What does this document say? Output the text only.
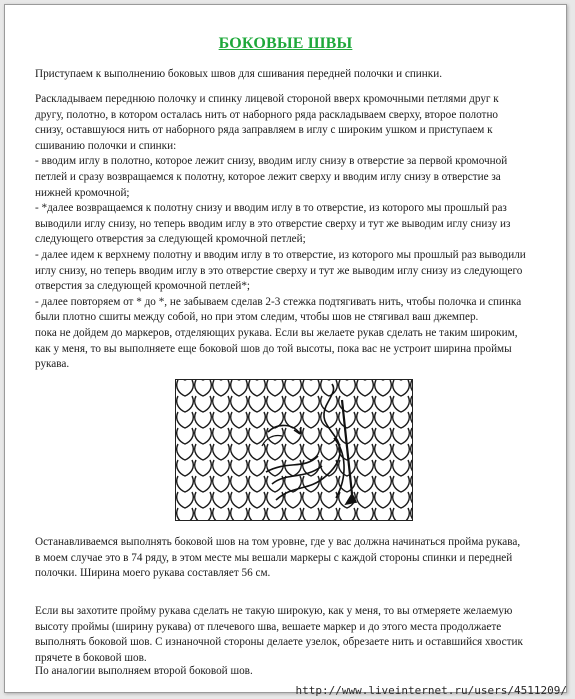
БОКОВЫЕ ШВЫ
Приступаем к выполнению боковых швов для сшивания передней полочки и спинки.
Раскладываем переднюю полочку и спинку лицевой стороной вверх кромочными петлями друг к
другу, полотно, в котором осталась нить от наборного ряда раскладываем сверху, второе полотно
снизу, оставшуюся нить от наборного ряда заправляем в иглу с широким ушком и приступаем к
сшиванию полочки и спинки:
- вводим иглу в полотно, которое лежит снизу, вводим иглу снизу в отверстие за первой кромочной
петлей и сразу возвращаемся к полотну, которое лежит сверху и вводим иглу снизу в отверстие за
нижней кромочной;
- *далее возвращаемся к полотну снизу и вводим иглу в то отверстие, из которого мы прошлый раз
выводили иглу снизу, но теперь вводим иглу в это отверстие сверху и тут же выводим иглу снизу из
следующего отверстия за следующей кромочной петлей;
- далее идем к верхнему полотну и вводим иглу в то отверстие, из которого мы прошлый раз выводили
иглу снизу, но теперь вводим иглу в это отверстие сверху и тут же выводим иглу снизу из следующего
отверстия за следующей кромочной петлей*;
- далее повторяем от * до *, не забываем сделав 2-3 стежка подтягивать нить, чтобы полочка и спинка
были плотно сшиты между собой, но при этом следим, чтобы шов не стягивал ваш джемпер.
пока не дойдем до маркеров, отделяющих рукава. Если вы желаете рукав сделать не таким широким,
как у меня, то вы выполняете еще боковой шов до той высоты, пока вас не устроит ширина проймы
рукава.
Останавливаемся выполнять боковой шов на том уровне, где у вас должна начинаться пройма рукава,
в моем случае это в 74 ряду, в этом месте мы вешали маркеры с каждой стороны спинки и передней
полочки. Ширина моего рукава составляет 56 см.
Если вы захотите пройму рукава сделать не такую широкую, как у меня, то вы отмеряете желаемую
высоту проймы (ширину рукава) от плечевого шва, вешаете маркер и до этого места продолжаете
выполнять боковой шов. С изнаночной стороны делаете узелок, обрезаете нить и оставшийся хвостик
прячете в боковой шов.
По аналогии выполняем второй боковой шов.
http://www.liveinternet.ru/users/4511209/
